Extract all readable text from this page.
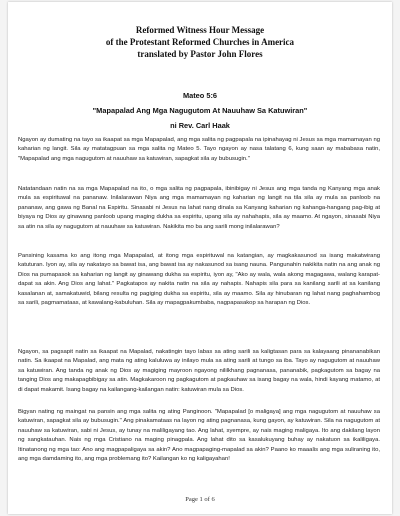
Reformed Witness Hour Message
of the Protestant Reformed Churches in America
translated by Pastor John Flores
Mateo 5:6
"Mapapalad Ang Mga Nagugutom At Nauuhaw Sa Katuwiran"
ni Rev. Carl Haak

Ngayon ay dumating na tayo sa ikaapat sa mga Mapapalad, ang mga salita ng pagpapala na ipinahayag ni Jesus sa mga mamamayan ng kaharian ng langit. Sila ay matatagpuan sa mga salita ng Mateo 5. Tayo ngayon ay nasa talatang 6, kung saan ay mababasa natin, "Mapapalad ang mga nagugutom at nauuhaw sa katuwiran, sapagkat sila ay bubusugin."

Natatandaan natin na sa mga Mapapalad na ito, o mga salita ng pagpapala, ibinibigay ni Jesus ang mga tanda ng Kanyang mga anak mula sa espirituwal na pananaw. Inilalarawan Niya ang mga mamamayan ng kaharian ng langit na tila sila ay mula sa panloob na pananaw, ang gawa ng Banal na Espiritu. Sinasabi ni Jesus na lahat nang dinala sa Kanyang kaharian ng kahanga-hangang pag-ibig at biyaya ng Dios ay ginawang panloob upang maging dukha sa espiritu, upang sila ay nahahapis, sila ay maamo. At ngayon, sinasabi Niya sa atin na sila ay nagugutom at nauuhaw sa katuwiran. Nakikita mo ba ang sarili mong inilalarawan?

Pansining kasama ko ang itong mga Mapapalad, at itong mga espirituwal na katangian, ay magkakasunod sa isang makatwirang katuturan. Iyon ay, sila ay nakatayo sa bawat isa, ang bawat isa ay nakasunod sa isang nauna. Pangunahin nakikita natin na ang anak ng Dios na pumapasok sa kaharian ng langit ay ginawang dukha sa espiritu, iyon ay, "Ako ay wala, wala akong magagawa, walang karapat-dapat sa akin. Ang Dios ang lahat." Pagkatapos ay nakita natin na sila ay nahapis. Nahapis sila para sa kanilang sarili at sa kanilang kasalanan at, samakatuwid, bilang resulta ng pagiging dukha sa espiritu, sila ay maamo. Sila ay hinubaran ng lahat nang paghahambog sa sarili, pagmamataas, at kawalang-kabuluhan. Sila ay mapagpakumbaba, nagpapasakop sa harapan ng Dios.

Ngayon, sa pagsapit natin sa ikaapat na Mapalad, nakatingin tayo labas sa ating sarili sa kaligtasan para sa kalayaang pinananabikan natin. Sa ikaapat na Mapalad, ang mata ng ating kaluluwa ay inilayo mula sa ating sarili at tungo sa iba. Tayo ay nagugutom at nauuhaw sa katuwiran. Ang tanda ng anak ng Dios ay magiging mayroon ngayong nililkhang pagnanasa, pananabik, pagkagutom sa bagay na tanging Dios ang makapagbibigay sa atin. Magkakaroon ng pagkagutom at pagkauhaw sa isang bagay na wala, hindi kayang matamo, at di dapat makamit. Isang bagay na kailangang-kailangan natin: katuwiran mula sa Dios.

Bigyan nating ng maingat na pansin ang mga salita ng ating Panginoon. "Mapapalad [o maligaya] ang mga nagugutom at nauuhaw sa katuwiran, sapagkat sila ay bubusugin." Ang pinakamataas na layon ng ating pagnanasa, kung gayon, ay katuwiran. Sila na nagugutom at nauuhaw sa katuwiran, sabi ni Jesus, ay tunay na maliligayang tao. Ang lahat, syempre, ay nais maging maligaya. Ito ang dakilang layon ng sangkatauhan. Nais ng mga Cristiano na maging pinagpala. Ang lahat dito sa kasalukuyang buhay ay nakatuon sa ikaliligaya. Itinatanong ng mga tao: Ano ang magpapaligaya sa akin? Ano magpapaging-mapalad sa akin? Paano ko maaalis ang mga suliraning ito, ang mga damdaming ito, ang mga problemang ito? Kailangan ko ng kaligayahan!

Page 1 of 6
